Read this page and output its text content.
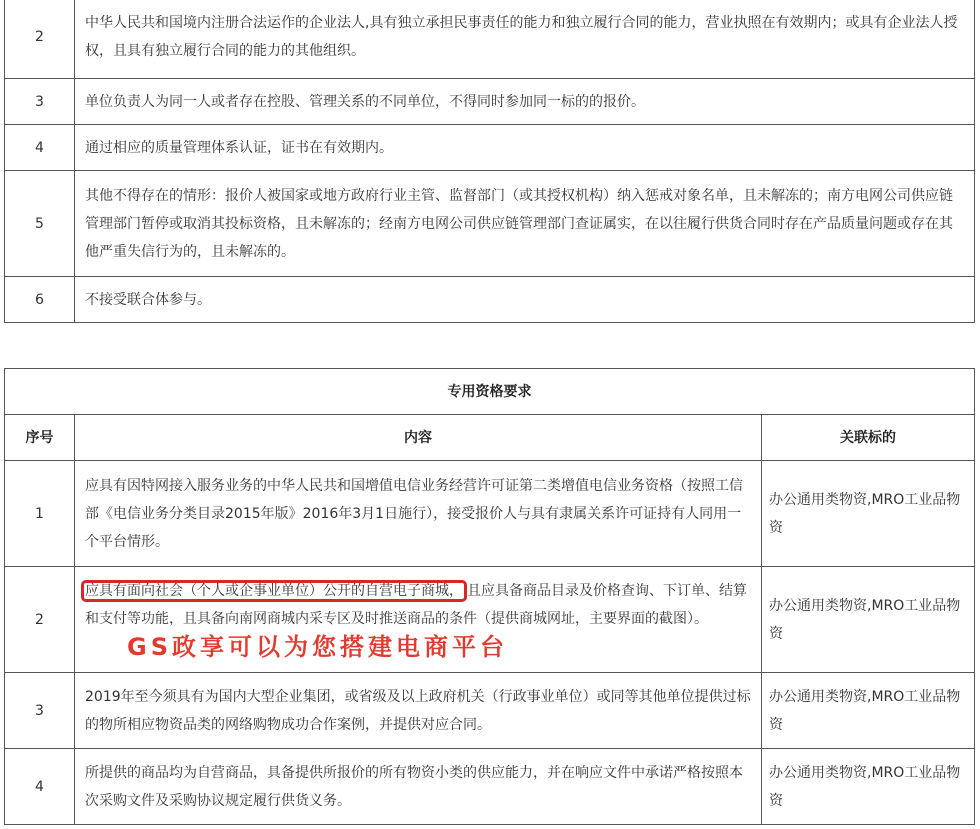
2	中华人民共和国境内注册合法运作的企业法人,具有独立承担民事责任的能力和独立履行合同的能力，营业执照在有效期内；或具有企业法人授权，且具有独立履行合同的能力的其他组织。
3	单位负责人为同一人或者存在控股、管理关系的不同单位，不得同时参加同一标的的报价。
4	通过相应的质量管理体系认证，证书在有效期内。
5	其他不得存在的情形：报价人被国家或地方政府行业主管、监督部门（或其授权机构）纳入惩戒对象名单，且未解冻的；南方电网公司供应链管理部门暂停或取消其投标资格，且未解冻的；经南方电网公司供应链管理部门查证属实，在以往履行供货合同时存在产品质量问题或存在其他严重失信行为的，且未解冻的。
6	不接受联合体参与。
专用资格要求		
序号	内容	关联标的
1	应具有因特网接入服务业务的中华人民共和国增值电信业务经营许可证第二类增值电信业务资格（按照工信部《电信业务分类目录2015年版》2016年3月1日施行），接受报价人与具有隶属关系许可证持有人同用一个平台情形。	办公通用类物资,MRO工业品物资
2	应具有面向社会（个人或企事业单位）公开的自营电子商城， 且应具备商品目录及价格查询、下订单、结算和支付等功能，且具备向南网商城内采专区及时推送商品的条件（提供商城网址，主要界面的截图）。GS政享可以为您搭建电商平台	办公通用类物资,MRO工业品物资
3	2019年至今须具有为国内大型企业集团，或省级及以上政府机关（行政事业单位）或同等其他单位提供过标的物所相应物资品类的网络购物成功合作案例，并提供对应合同。	办公通用类物资,MRO工业品物资
4	所提供的商品均为自营商品，具备提供所报价的所有物资小类的供应能力，并在响应文件中承诺严格按照本次采购文件及采购协议规定履行供货义务。	办公通用类物资,MRO工业品物资
